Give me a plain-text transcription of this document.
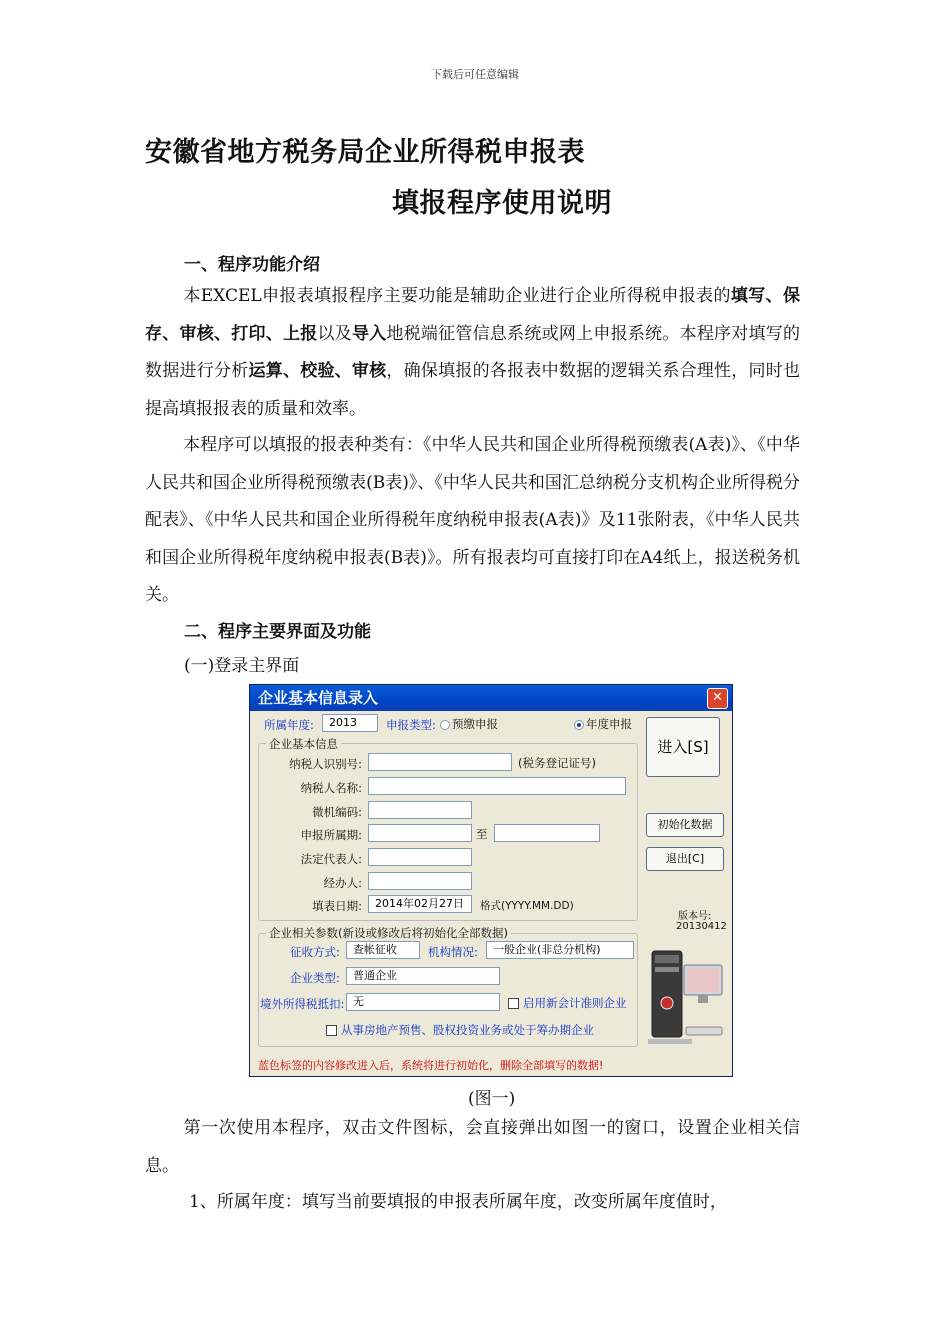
下载后可任意编辑
安徽省地方税务局企业所得税申报表
填报程序使用说明
一、程序功能介绍
本EXCEL申报表填报程序主要功能是辅助企业进行企业所得税申报表的填写、保存、审核、打印、上报以及导入地税端征管信息系统或网上申报系统。本程序对填写的数据进行分析运算、校验、审核，确保填报的各报表中数据的逻辑关系合理性，同时也提高填报报表的质量和效率。
本程序可以填报的报表种类有：《中华人民共和国企业所得税预缴表(A表)》、《中华人民共和国企业所得税预缴表(B表)》、《中华人民共和国汇总纳税分支机构企业所得税分配表》、《中华人民共和国企业所得税年度纳税申报表(A表)》及11张附表，《中华人民共和国企业所得税年度纳税申报表(B表)》。所有报表均可直接打印在A4纸上，报送税务机关。
二、程序主要界面及功能
(一)登录主界面
企业基本信息录入	✕
所属年度:	2013	申报类型:	预缴申报	年度申报
进入[S]
企业基本信息
纳税人识别号:	(税务登记证号)
纳税人名称:
微机编码:
申报所属期:	至
法定代表人:
经办人:
填表日期:	2014年02月27日	格式(YYYY.MM.DD)
初始化数据
退出[C]
版本号:
20130412
企业相关参数(新设或修改后将初始化全部数据)
征收方式:	查帐征收	机构情况:	一般企业(非总分机构)
企业类型:	普通企业
境外所得税抵扣: 无	启用新会计准则企业
从事房地产预售、股权投资业务或处于筹办期企业
蓝色标签的内容修改进入后，系统将进行初始化，删除全部填写的数据!
(图一)
第一次使用本程序，双击文件图标，会直接弹出如图一的窗口，设置企业相关信息。
1、所属年度：填写当前要填报的申报表所属年度，改变所属年度值时，
